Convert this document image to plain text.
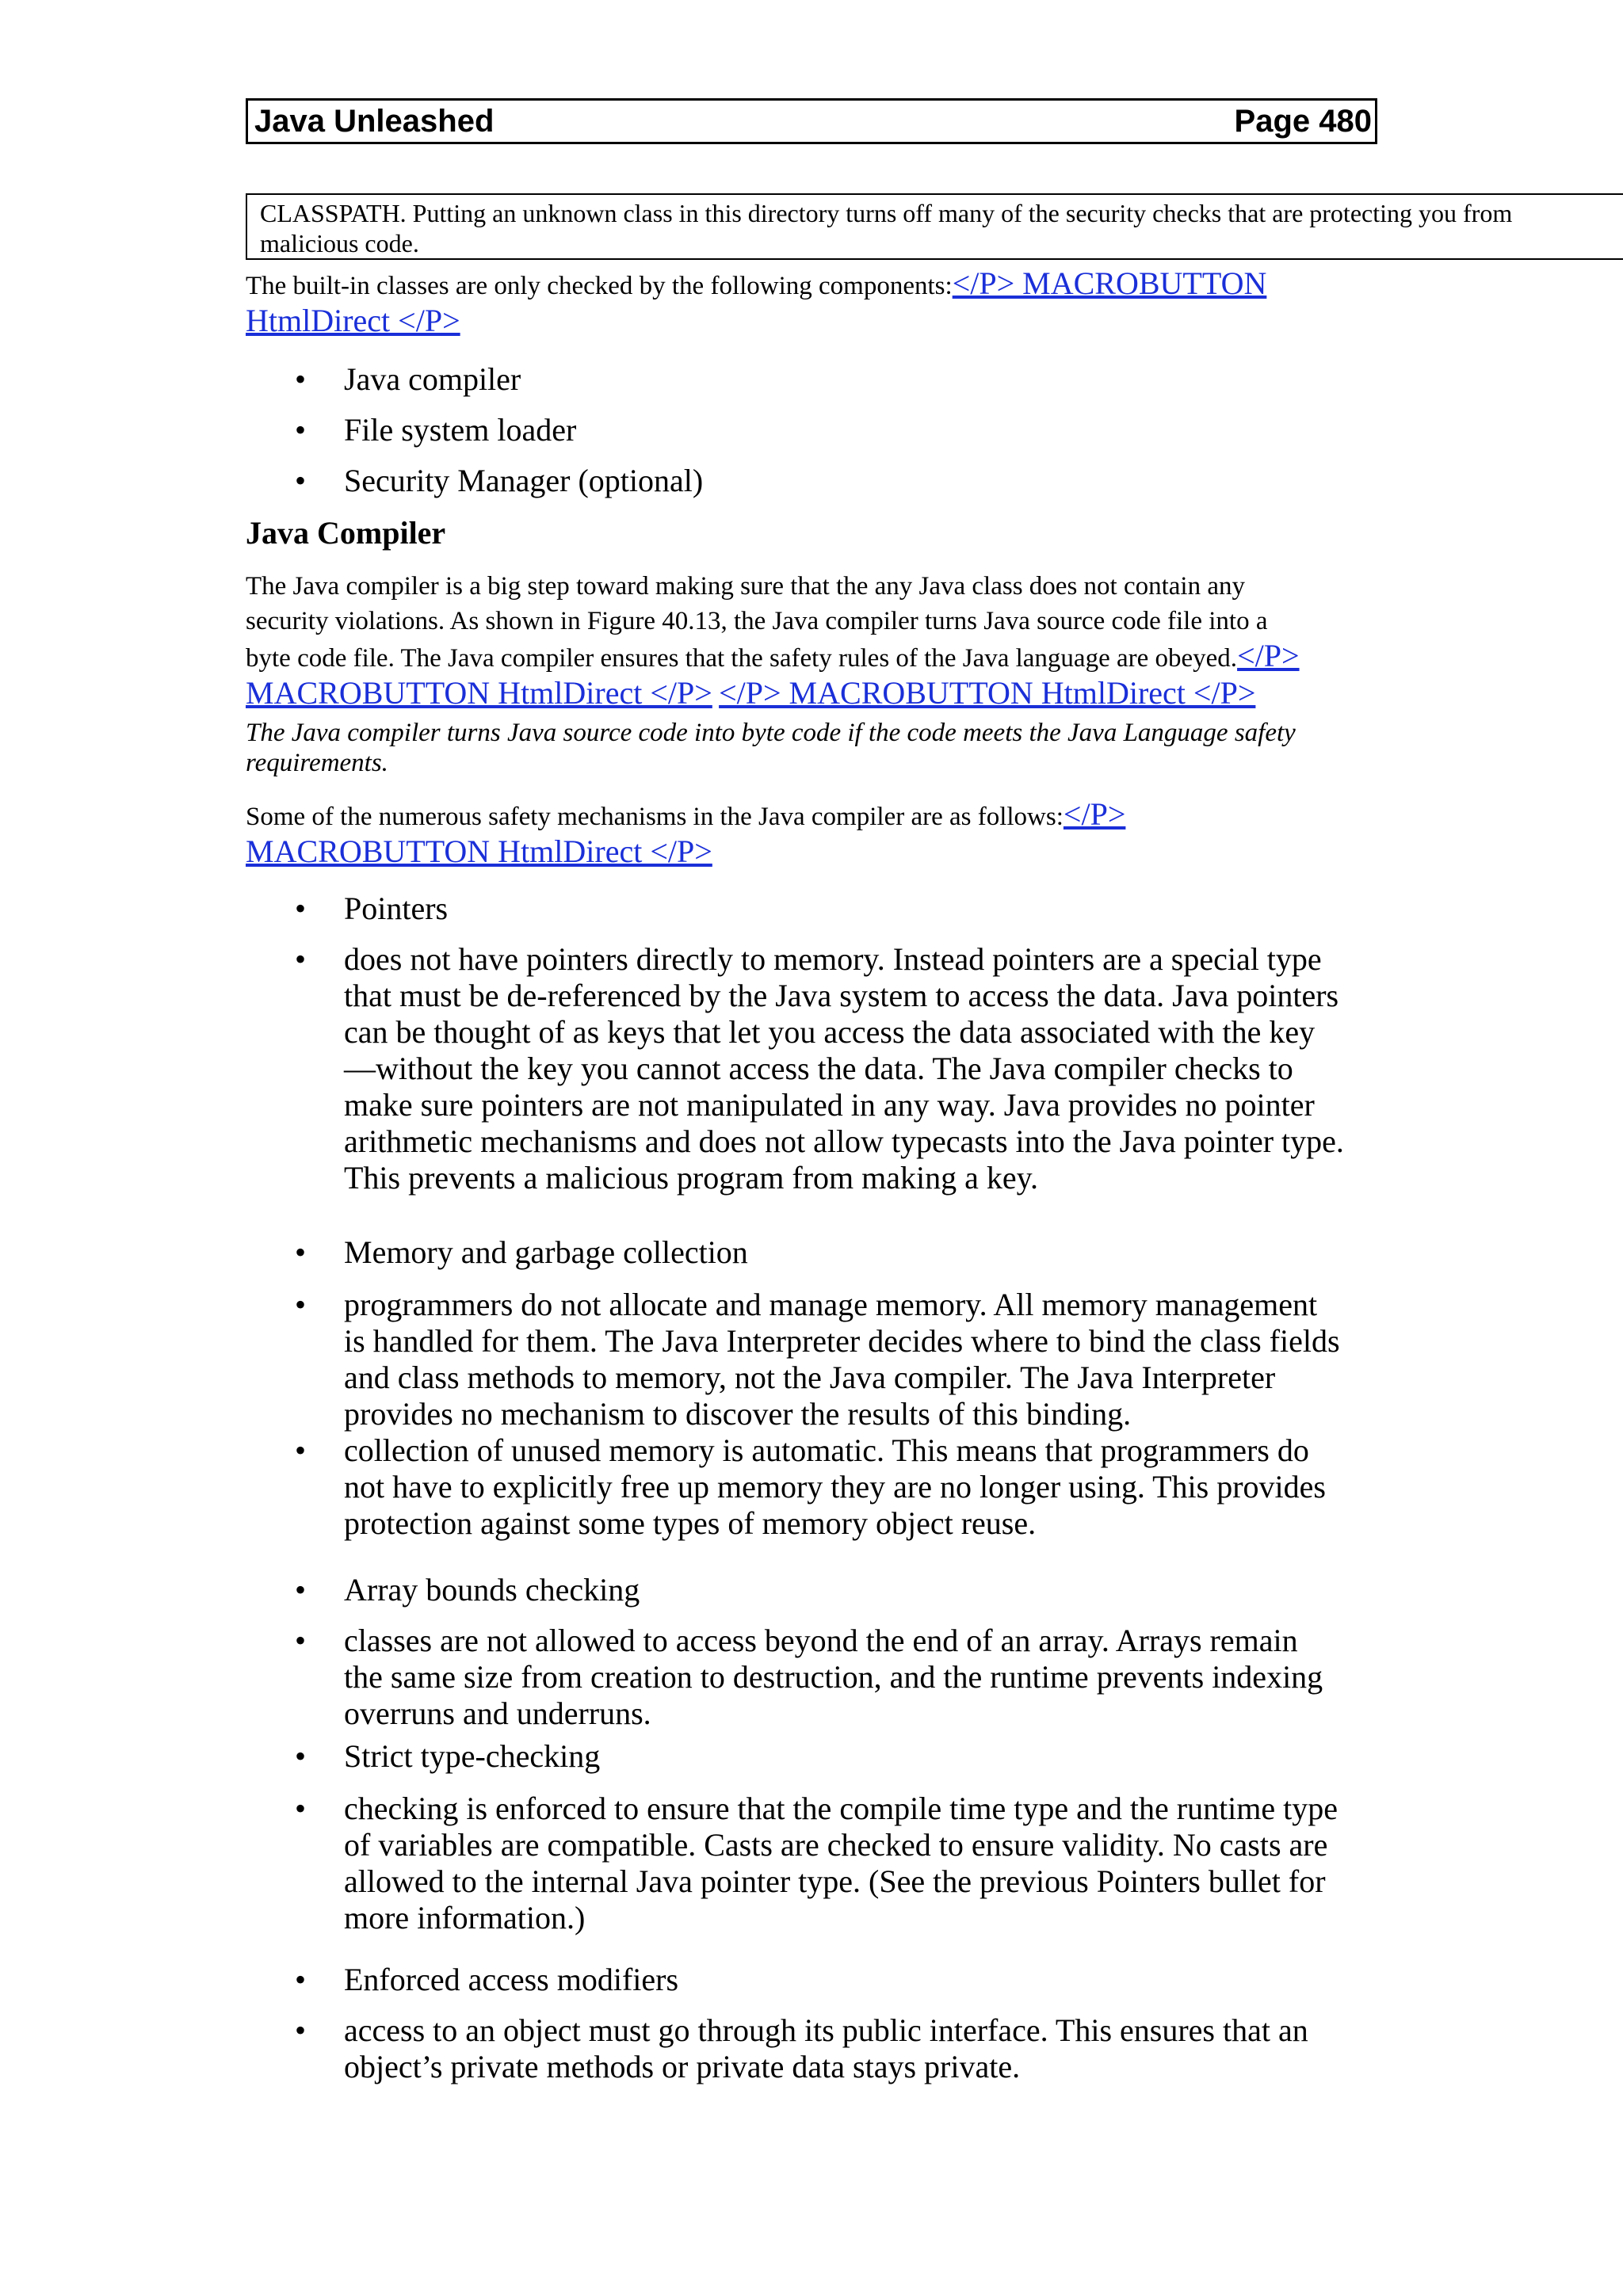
Java Unleashed	Page 480
CLASSPATH. Putting an unknown class in this directory turns off many of the security checks that are protecting you from
malicious code.
The built-in classes are only checked by the following components:</P> MACROBUTTON
HtmlDirect </P>
• Java compiler
• File system loader
• Security Manager (optional)
Java Compiler
The Java compiler is a big step toward making sure that the any Java class does not contain any
security violations. As shown in Figure 40.13, the Java compiler turns Java source code file into a
byte code file. The Java compiler ensures that the safety rules of the Java language are obeyed.</P>
MACROBUTTON HtmlDirect </P> </P> MACROBUTTON HtmlDirect </P>
The Java compiler turns Java source code into byte code if the code meets the Java Language safety
requirements.
Some of the numerous safety mechanisms in the Java compiler are as follows:</P>
MACROBUTTON HtmlDirect </P>
• Pointers
• does not have pointers directly to memory. Instead pointers are a special type
that must be de-referenced by the Java system to access the data. Java pointers
can be thought of as keys that let you access the data associated with the key
—without the key you cannot access the data. The Java compiler checks to
make sure pointers are not manipulated in any way. Java provides no pointer
arithmetic mechanisms and does not allow typecasts into the Java pointer type.
This prevents a malicious program from making a key.
• Memory and garbage collection
• programmers do not allocate and manage memory. All memory management
is handled for them. The Java Interpreter decides where to bind the class fields
and class methods to memory, not the Java compiler. The Java Interpreter
provides no mechanism to discover the results of this binding.
• collection of unused memory is automatic. This means that programmers do
not have to explicitly free up memory they are no longer using. This provides
protection against some types of memory object reuse.
• Array bounds checking
• classes are not allowed to access beyond the end of an array. Arrays remain
the same size from creation to destruction, and the runtime prevents indexing
overruns and underruns.
• Strict type-checking
• checking is enforced to ensure that the compile time type and the runtime type
of variables are compatible. Casts are checked to ensure validity. No casts are
allowed to the internal Java pointer type. (See the previous Pointers bullet for
more information.)
• Enforced access modifiers
• access to an object must go through its public interface. This ensures that an
object’s private methods or private data stays private.
